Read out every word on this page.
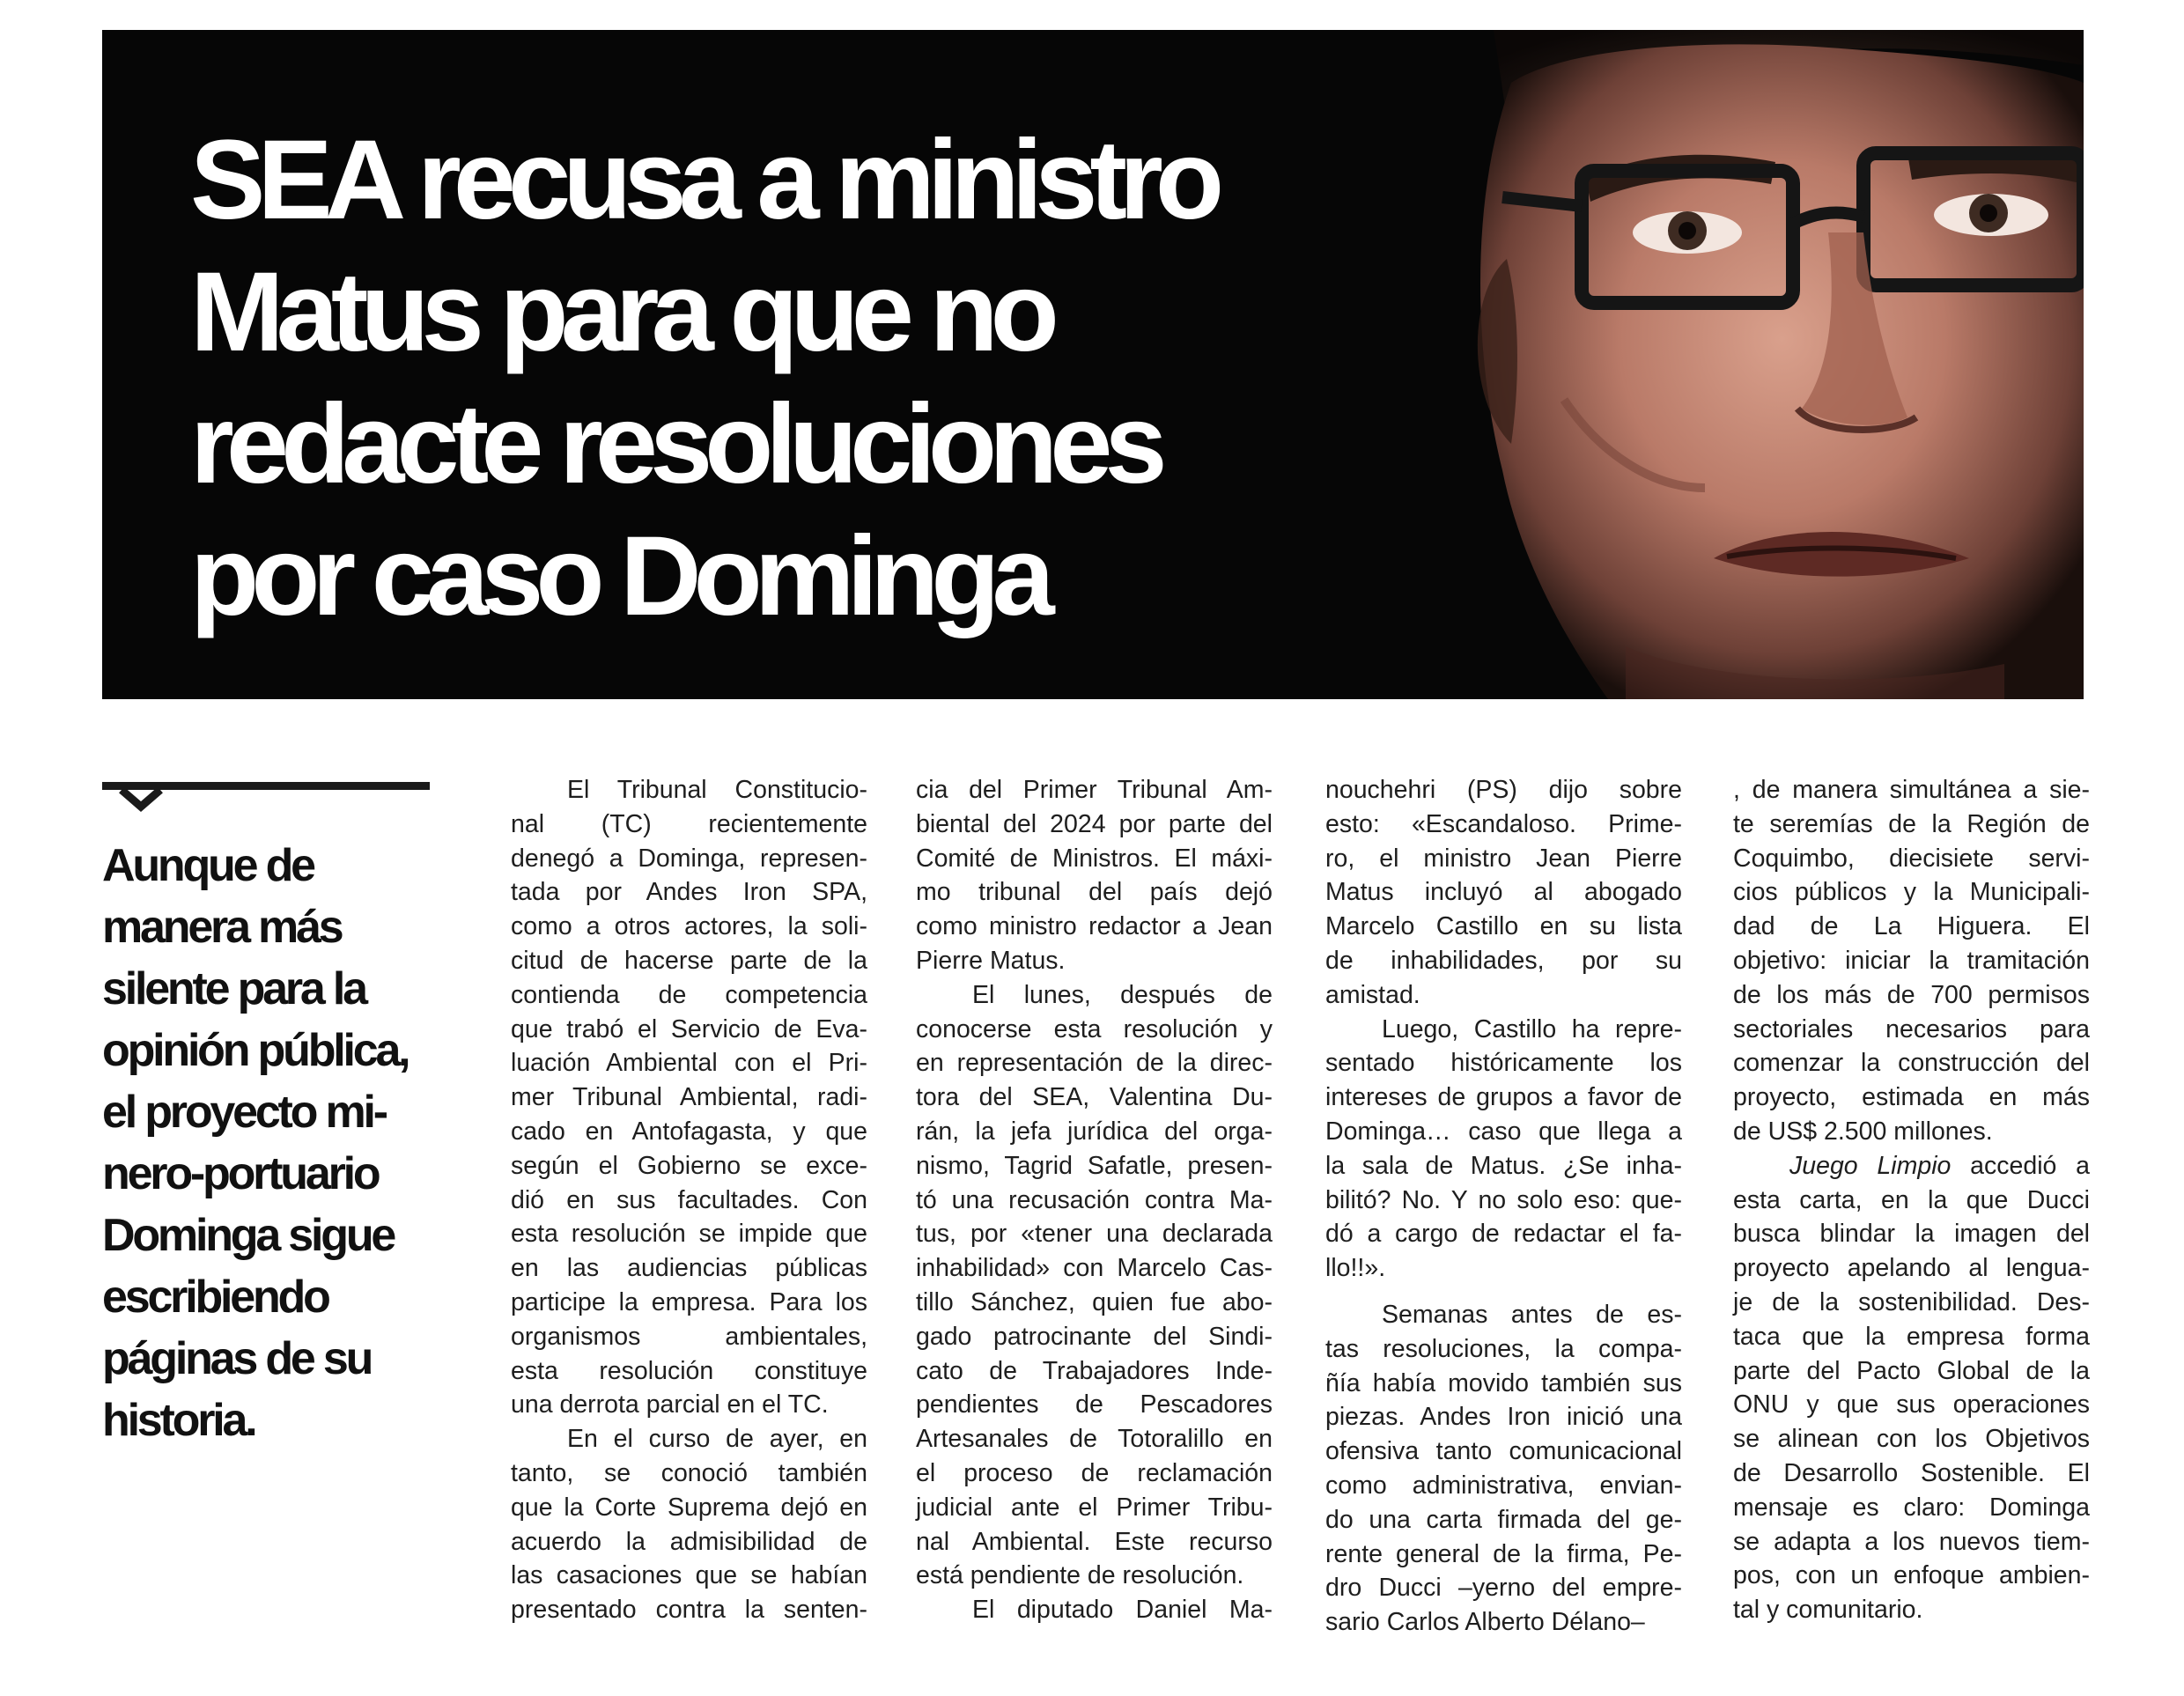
SEA recusa a ministro
Matus para que no
redacte resoluciones
por caso Dominga

Aunque de
manera más
silente para la
opinión pública,
el proyecto mi-
nero-portuario
Dominga sigue
escribiendo
páginas de su
historia.

El Tribunal Constitucio-
nal (TC) recientemente
denegó a Dominga, represen-
tada por Andes Iron SPA,
como a otros actores, la soli-
citud de hacerse parte de la
contienda de competencia
que trabó el Servicio de Eva-
luación Ambiental con el Pri-
mer Tribunal Ambiental, radi-
cado en Antofagasta, y que
según el Gobierno se exce-
dió en sus facultades. Con
esta resolución se impide que
en las audiencias públicas
participe la empresa. Para los
organismos ambientales,
esta resolución constituye
una derrota parcial en el TC.
En el curso de ayer, en
tanto, se conoció también
que la Corte Suprema dejó en
acuerdo la admisibilidad de
las casaciones que se habían
presentado contra la senten-
cia del Primer Tribunal Am-
biental del 2024 por parte del
Comité de Ministros. El máxi-
mo tribunal del país dejó
como ministro redactor a Jean
Pierre Matus.
El lunes, después de
conocerse esta resolución y
en representación de la direc-
tora del SEA, Valentina Du-
rán, la jefa jurídica del orga-
nismo, Tagrid Safatle, presen-
tó una recusación contra Ma-
tus, por «tener una declarada
inhabilidad» con Marcelo Cas-
tillo Sánchez, quien fue abo-
gado patrocinante del Sindi-
cato de Trabajadores Inde-
pendientes de Pescadores
Artesanales de Totoralillo en
el proceso de reclamación
judicial ante el Primer Tribu-
nal Ambiental. Este recurso
está pendiente de resolución.
El diputado Daniel Ma-
nouchehri (PS) dijo sobre
esto: «Escandaloso. Prime-
ro, el ministro Jean Pierre
Matus incluyó al abogado
Marcelo Castillo en su lista
de inhabilidades, por su
amistad.
Luego, Castillo ha repre-
sentado históricamente los
intereses de grupos a favor de
Dominga… caso que llega a
la sala de Matus. ¿Se inha-
bilitó? No. Y no solo eso: que-
dó a cargo de redactar el fa-
llo!!».
Semanas antes de es-
tas resoluciones, la compa-
ñía había movido también sus
piezas. Andes Iron inició una
ofensiva tanto comunicacional
como administrativa, envian-
do una carta firmada del ge-
rente general de la firma, Pe-
dro Ducci –yerno del empre-
sario Carlos Alberto Délano–
, de manera simultánea a sie-
te seremías de la Región de
Coquimbo, diecisiete servi-
cios públicos y la Municipali-
dad de La Higuera. El
objetivo: iniciar la tramitación
de los más de 700 permisos
sectoriales necesarios para
comenzar la construcción del
proyecto, estimada en más
de US$ 2.500 millones.
Juego Limpio accedió a
esta carta, en la que Ducci
busca blindar la imagen del
proyecto apelando al lengua-
je de la sostenibilidad. Des-
taca que la empresa forma
parte del Pacto Global de la
ONU y que sus operaciones
se alinean con los Objetivos
de Desarrollo Sostenible. El
mensaje es claro: Dominga
se adapta a los nuevos tiem-
pos, con un enfoque ambien-
tal y comunitario.
